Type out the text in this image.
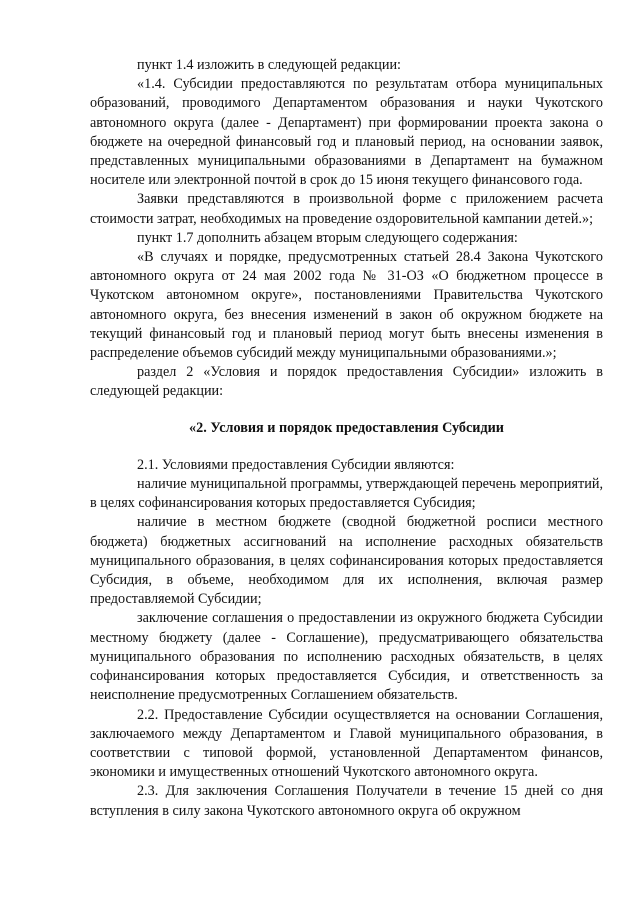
пункт 1.4 изложить в следующей редакции:

«1.4. Субсидии предоставляются по результатам отбора муниципальных образований, проводимого Департаментом образования и науки Чукотского автономного округа (далее - Департамент) при формировании проекта закона о бюджете на очередной финансовый год и плановый период, на основании заявок, представленных муниципальными образованиями в Департамент на бумажном носителе или электронной почтой в срок до 15 июня текущего финансового года.

Заявки представляются в произвольной форме с приложением расчета стоимости затрат, необходимых на проведение оздоровительной кампании детей.»;

пункт 1.7 дополнить абзацем вторым следующего содержания:

«В случаях и порядке, предусмотренных статьей 28.4 Закона Чукотского автономного округа от 24 мая 2002 года № 31-ОЗ «О бюджетном процессе в Чукотском автономном округе», постановлениями Правительства Чукотского автономного округа, без внесения изменений в закон об окружном бюджете на текущий финансовый год и плановый период могут быть внесены изменения в распределение объемов субсидий между муниципальными образованиями.»;

раздел 2 «Условия и порядок предоставления Субсидии» изложить в следующей редакции:

«2. Условия и порядок предоставления Субсидии

2.1. Условиями предоставления Субсидии являются:

наличие муниципальной программы, утверждающей перечень мероприятий, в целях софинансирования которых предоставляется Субсидия;

наличие в местном бюджете (сводной бюджетной росписи местного бюджета) бюджетных ассигнований на исполнение расходных обязательств муниципального образования, в целях софинансирования которых предоставляется Субсидия, в объеме, необходимом для их исполнения, включая размер предоставляемой Субсидии;

заключение соглашения о предоставлении из окружного бюджета Субсидии местному бюджету (далее - Соглашение), предусматривающего обязательства муниципального образования по исполнению расходных обязательств, в целях софинансирования которых предоставляется Субсидия, и ответственность за неисполнение предусмотренных Соглашением обязательств.

2.2. Предоставление Субсидии осуществляется на основании Соглашения, заключаемого между Департаментом и Главой муниципального образования, в соответствии с типовой формой, установленной Департаментом финансов, экономики и имущественных отношений Чукотского автономного округа.

2.3. Для заключения Соглашения Получатели в течение 15 дней со дня вступления в силу закона Чукотского автономного округа об окружном
